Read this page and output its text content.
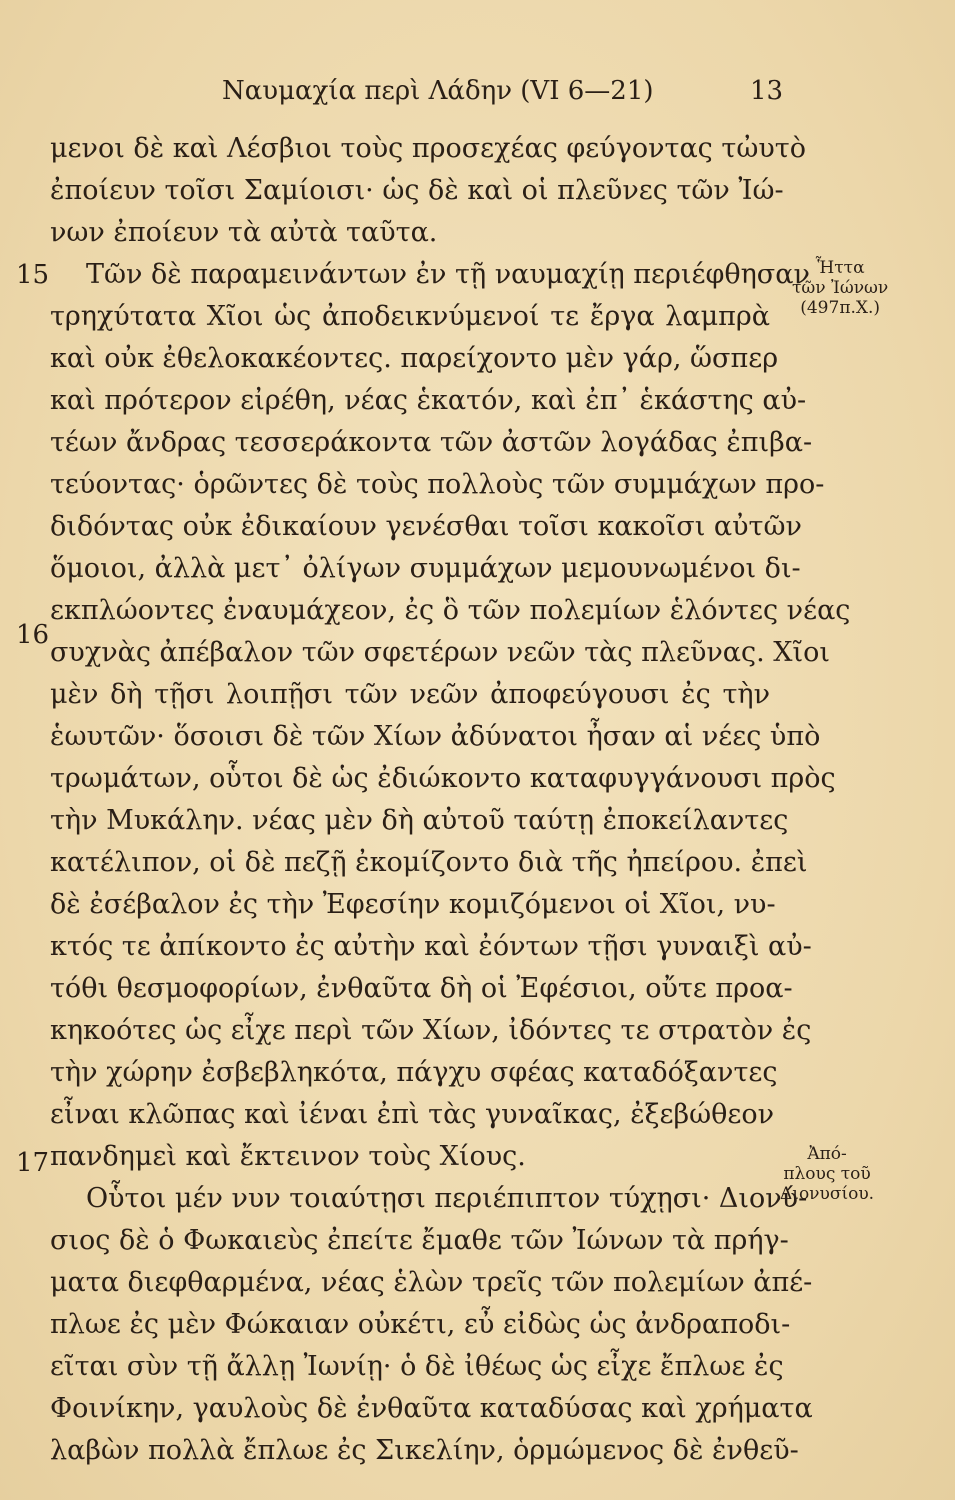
Ναυμαχία περὶ Λάδην (VI 6—21)	13
15
16
17
μενοι δὲ καὶ Λέσβιοι τοὺς προσεχέας φεύγοντας τὠυτὸ
ἐποίευν τοῖσι Σαμίοισι· ὡς δὲ καὶ οἱ πλεῦνες τῶν Ἰώ-
νων ἐποίευν τὰ αὐτὰ ταῦτα.
Τῶν δὲ παραμεινάντων ἐν τῇ ναυμαχίῃ περιέφθησαν
τρηχύτατα Χῖοι ὡς ἀποδεικνύμενοί τε ἔργα λαμπρὰ
καὶ οὐκ ἐθελοκακέοντες. παρείχοντο μὲν γάρ, ὥσπερ
καὶ πρότερον εἰρέθη, νέας ἑκατόν, καὶ ἐπ᾽ ἑκάστης αὐ-
τέων ἄνδρας τεσσεράκοντα τῶν ἀστῶν λογάδας ἐπιβα-
τεύοντας· ὁρῶντες δὲ τοὺς πολλοὺς τῶν συμμάχων προ-
διδόντας οὐκ ἐδικαίουν γενέσθαι τοῖσι κακοῖσι αὐτῶν
ὅμοιοι, ἀλλὰ μετ᾽ ὀλίγων συμμάχων μεμουνωμένοι δι-
εκπλώοντες ἐναυμάχεον, ἐς ὃ τῶν πολεμίων ἑλόντες νέας
συχνὰς ἀπέβαλον τῶν σφετέρων νεῶν τὰς πλεῦνας. Χῖοι
μὲν δὴ τῇσι λοιπῇσι τῶν νεῶν ἀποφεύγουσι ἐς τὴν
ἑωυτῶν· ὅσοισι δὲ τῶν Χίων ἀδύνατοι ἦσαν αἱ νέες ὑπὸ
τρωμάτων, οὗτοι δὲ ὡς ἐδιώκοντο καταφυγγάνουσι πρὸς
τὴν Μυκάλην. νέας μὲν δὴ αὐτοῦ ταύτῃ ἐποκείλαντες
κατέλιπον, οἱ δὲ πεζῇ ἐκομίζοντο διὰ τῆς ἠπείρου. ἐπεὶ
δὲ ἐσέβαλον ἐς τὴν Ἐφεσίην κομιζόμενοι οἱ Χῖοι, νυ-
κτός τε ἀπίκοντο ἐς αὐτὴν καὶ ἐόντων τῇσι γυναιξὶ αὐ-
τόθι θεσμοφορίων, ἐνθαῦτα δὴ οἱ Ἐφέσιοι, οὔτε προα-
κηκοότες ὡς εἶχε περὶ τῶν Χίων, ἰδόντες τε στρατὸν ἐς
τὴν χώρην ἐσβεβληκότα, πάγχυ σφέας καταδόξαντες
εἶναι κλῶπας καὶ ἰέναι ἐπὶ τὰς γυναῖκας, ἐξεβώθεον
πανδημεὶ καὶ ἔκτεινον τοὺς Χίους.
Οὗτοι μέν νυν τοιαύτῃσι περιέπιπτον τύχῃσι· Διονύ-
σιος δὲ ὁ Φωκαιεὺς ἐπείτε ἔμαθε τῶν Ἰώνων τὰ πρήγ-
ματα διεφθαρμένα, νέας ἑλὼν τρεῖς τῶν πολεμίων ἀπέ-
πλωε ἐς μὲν Φώκαιαν οὐκέτι, εὖ εἰδὼς ὡς ἀνδραποδι-
εῖται σὺν τῇ ἄλλῃ Ἰωνίῃ· ὁ δὲ ἰθέως ὡς εἶχε ἔπλωε ἐς
Φοινίκην, γαυλοὺς δὲ ἐνθαῦτα καταδύσας καὶ χρήματα
λαβὼν πολλὰ ἔπλωε ἐς Σικελίην, ὁρμώμενος δὲ ἐνθεῦ-
Ἧττα
τῶν Ἰώνων
(497π.Χ.)
Ἀπό-
πλους τοῦ
Διονυσίου.
